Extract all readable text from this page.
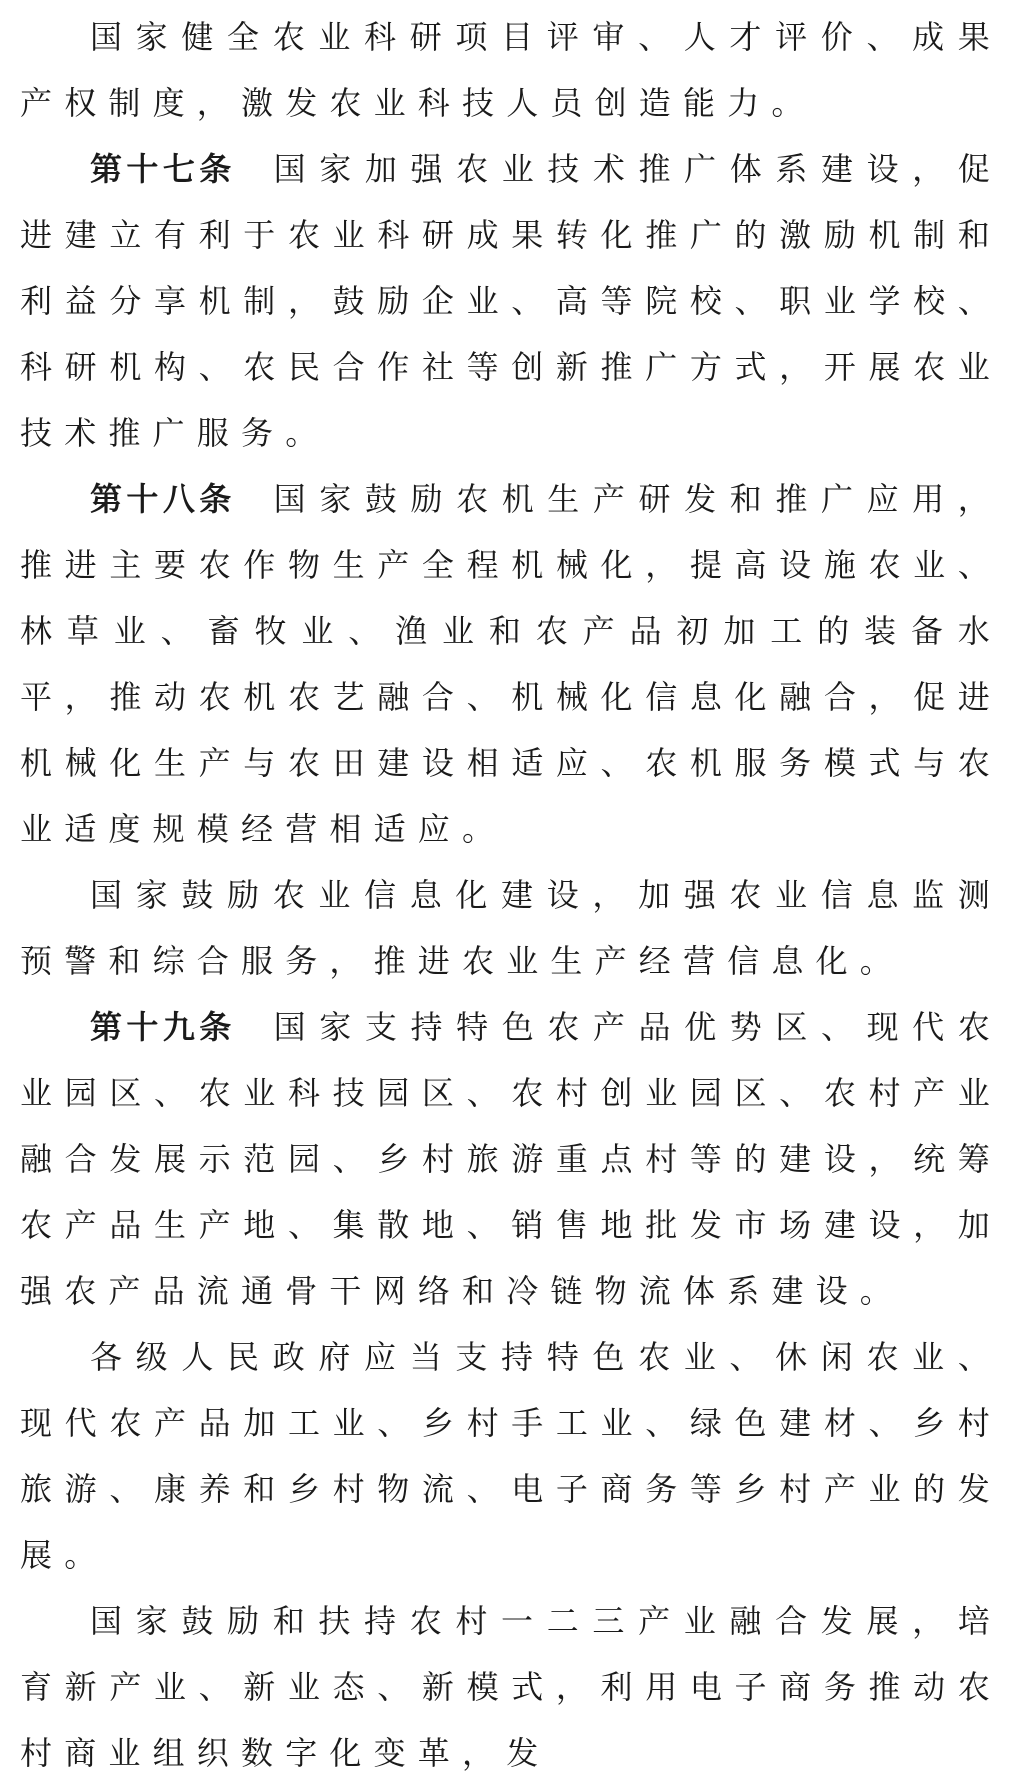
国家健全农业科研项目评审、人才评价、成果产权制度，激发农业科技人员创造能力。

第十七条 国家加强农业技术推广体系建设，促进建立有利于农业科研成果转化推广的激励机制和利益分享机制，鼓励企业、高等院校、职业学校、科研机构、农民合作社等创新推广方式，开展农业技术推广服务。

第十八条 国家鼓励农机生产研发和推广应用，推进主要农作物生产全程机械化，提高设施农业、林草业、畜牧业、渔业和农产品初加工的装备水平，推动农机农艺融合、机械化信息化融合，促进机械化生产与农田建设相适应、农机服务模式与农业适度规模经营相适应。

国家鼓励农业信息化建设，加强农业信息监测预警和综合服务，推进农业生产经营信息化。

第十九条 国家支持特色农产品优势区、现代农业园区、农业科技园区、农村创业园区、农村产业融合发展示范园、乡村旅游重点村等的建设，统筹农产品生产地、集散地、销售地批发市场建设，加强农产品流通骨干网络和冷链物流体系建设。

各级人民政府应当支持特色农业、休闲农业、现代农产品加工业、乡村手工业、绿色建材、乡村旅游、康养和乡村物流、电子商务等乡村产业的发展。

国家鼓励和扶持农村一二三产业融合发展，培育新产业、新业态、新模式，利用电子商务推动农村商业组织数字化变革，发
